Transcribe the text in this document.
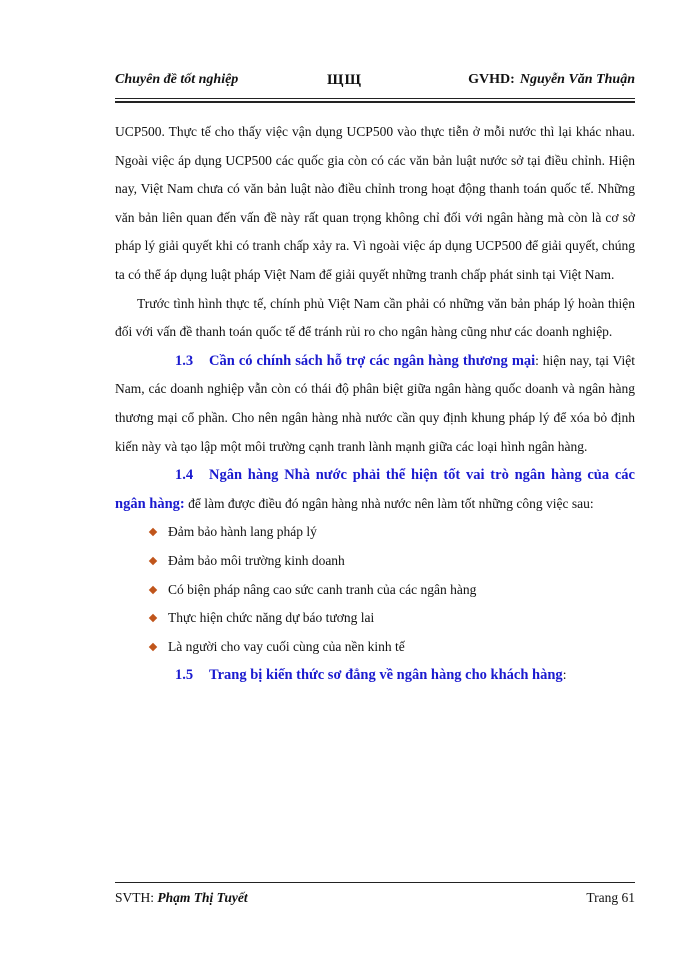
Chuyên đề tốt nghiệp	ЩЩ	GVHD: Nguyễn Văn Thuận

UCP500. Thực tế cho thấy việc vận dụng UCP500 vào thực tiễn ở mỗi nước thì lại khác nhau. Ngoài việc áp dụng UCP500 các quốc gia còn có các văn bản luật nước sở tại điều chỉnh. Hiện nay, Việt Nam chưa có văn bản luật nào điều chỉnh trong hoạt động thanh toán quốc tế. Những văn bản liên quan đến vấn đề này rất quan trọng không chỉ đối với ngân hàng mà còn là cơ sở pháp lý giải quyết khi có tranh chấp xảy ra. Vì ngoài việc áp dụng UCP500 để giải quyết, chúng ta có thể áp dụng luật pháp Việt Nam để giải quyết những tranh chấp phát sinh tại Việt Nam.

Trước tình hình thực tế, chính phủ Việt Nam cần phải có những văn bản pháp lý hoàn thiện đối với vấn đề thanh toán quốc tế để tránh rủi ro cho ngân hàng cũng như các doanh nghiệp.

1.3 Cần có chính sách hỗ trợ các ngân hàng thương mại: hiện nay, tại Việt Nam, các doanh nghiệp vẫn còn có thái độ phân biệt giữa ngân hàng quốc doanh và ngân hàng thương mại cổ phần. Cho nên ngân hàng nhà nước cần quy định khung pháp lý để xóa bỏ định kiến này và tạo lập một môi trường cạnh tranh lành mạnh giữa các loại hình ngân hàng.

1.4 Ngân hàng Nhà nước phải thể hiện tốt vai trò ngân hàng của các ngân hàng: để làm được điều đó ngân hàng nhà nước nên làm tốt những công việc sau:

Đảm bảo hành lang pháp lý
Đảm bảo môi trường kinh doanh
Có biện pháp nâng cao sức canh tranh của các ngân hàng
Thực hiện chức năng dự báo tương lai
Là người cho vay cuối cùng của nền kinh tế

1.5 Trang bị kiến thức sơ đẳng về ngân hàng cho khách hàng:

SVTH: Phạm Thị Tuyết	Trang 61
